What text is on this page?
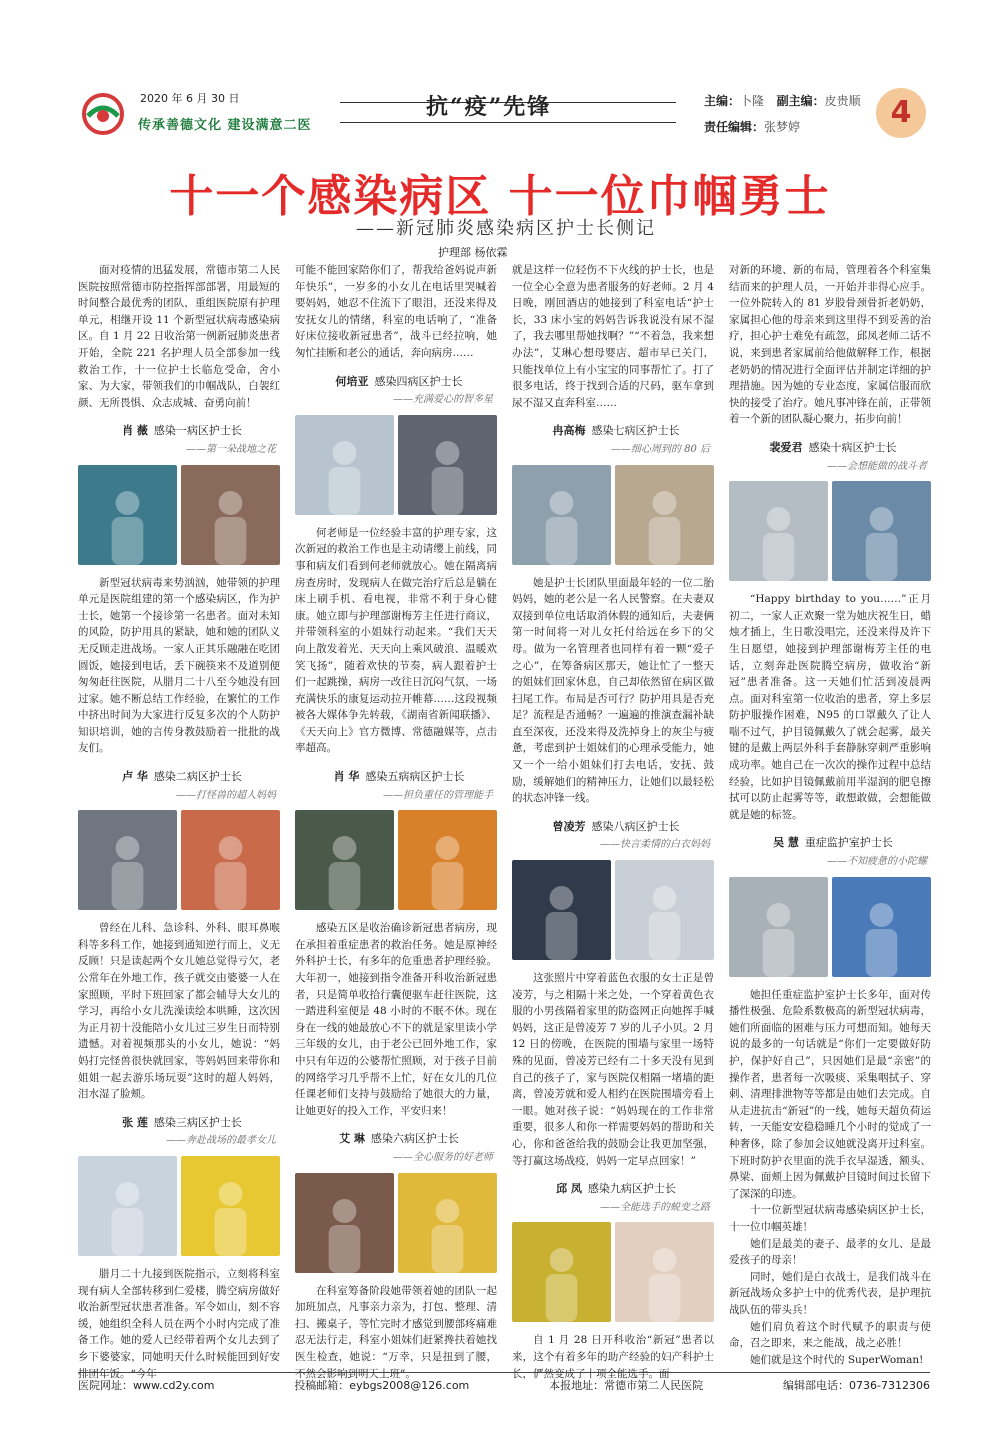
2020 年 6 月 30 日
传承善德文化 建设满意二医
抗“疫”先锋	主编：卜隆 副主编：皮贵顺
责任编辑：张梦婷	4
十一个感染病区 十一位巾帼勇士
——新冠肺炎感染病区护士长侧记
护理部 杨依霖

面对疫情的迅猛发展，常德市第二人民医院按照常德市防控指挥部部署，用最短的时间整合最优秀的团队，重组医院原有护理单元，相继开设 11 个新型冠状病毒感染病区。自 1 月 22 日收治第一例新冠肺炎患者开始，全院 221 名护理人员全部参加一线救治工作，十一位护士长临危受命，舍小家、为大家，带领我们的巾帼战队，白袈红颜、无所畏惧、众志成城、奋勇向前！

肖 薇 感染一病区护士长
——第一朵战地之花

新型冠状病毒来势汹汹，她带领的护理单元是医院组建的第一个感染病区，作为护士长，她第一个接诊第一名患者。面对未知的风险，防护用具的紧缺，她和她的团队义无反顾走进战场。一家人正其乐融融在吃团圆饭，她接到电话，丢下碗筷来不及道别便匆匆赶往医院，从腊月二十八至今她没有回过家。她不断总结工作经验，在繁忙的工作中挤出时间为大家进行反复多次的个人防护知识培训，她的言传身教鼓励着一批批的战友们。

卢 华 感染二病区护士长
——打怪兽的超人妈妈

曾经在儿科、急诊科、外科、眼耳鼻喉科等多科工作，她接到通知逆行而上，义无反顾！只是读起两个女儿她总觉得亏欠，老公常年在外地工作，孩子就交由婆婆一人在家照顾，平时下班回家了都会辅导大女儿的学习，再给小女儿洗澡读绘本哄睡，这次因为正月初十没能陪小女儿过三岁生日而特别遗憾。对着视频那头的小女儿，她说：“妈妈打完怪兽很快就回家，等妈妈回来带你和姐姐一起去游乐场玩耍”这时的超人妈妈，泪水湿了脸颊。

张 莲 感染三病区护士长
——奔赴战场的最孝女儿

腊月二十九接到医院指示，立刻将科室现有病人全部转移到仁爱楼，腾空病房做好收治新型冠状患者准备。军令如山，刻不容缓，她组织全科人员在两个小时内完成了准备工作。她的爱人已经带着两个女儿去到了乡下婆婆家，同她明天什么时候能回到好安排团年饭。“今年

可能不能回家陪你们了，帮我给爸妈说声新年快乐”，一岁多的小女儿在电话里哭喊着要妈妈，她忍不住流下了眼泪，还没来得及安抚女儿的情绪，科室的电话响了，“准备好床位接收新冠患者”，战斗已经拉响，她匆忙挂断和老公的通话，奔向病房……

何培亚 感染四病区护士长
——充满爱心的智多星

何老师是一位经验丰富的护理专家，这次新冠的救治工作也是主动请缨上前线，同事和病友们看到何老师就放心。她在隔离病房查房时，发现病人在做完治疗后总是躺在床上刷手机、看电视，非常不利于身心健康。她立即与护理部谢梅芳主任进行商议，并带领科室的小姐妹行动起来。“我们天天向上散发着光、天天向上乘风破浪、温暖欢笑飞扬”，随着欢快的节奏，病人跟着护士们一起跳操，病房一改往日沉闷气氛，一场充满快乐的康复运动拉开帷幕……这段视频被各大媒体争先转载，《湖南省新闻联播》、《天天向上》官方微博、常德融媒等，点击率超高。

肖 华 感染五病病区护士长
——担负重任的管理能手

感染五区是收治确诊新冠患者病房，现在承担着重症患者的救治任务。她是原神经外科护士长，有多年的危重患者护理经验。大年初一，她接到指令准备开科收治新冠患者，只是简单收拾行囊便驱车赶往医院，这一踏进科室便是 48 小时的不眠不休。现在身在一线的她最放心不下的就是家里读小学三年级的女儿，由于老公已回外地工作，家中只有年迈的公婆帮忙照顾，对于孩子目前的网络学习几乎帮不上忙，好在女儿的几位任课老师们支持与鼓励给了她很大的力量，让她更好的投入工作，平安归来！

艾 琳 感染六病区护士长
——全心服务的好老师

在科室筹备阶段她带领着她的团队一起加班加点，凡事亲力亲为，打包、整理、清扫、搬桌子，等忙完时才感觉到腰部疼痛难忍无法行走，科室小姐妹们赶紧搀扶着她找医生检查，她说：“万幸，只是扭到了腰，不然会影响到明天上班”。

就是这样一位轻伤不下火线的护士长，也是一位全心全意为患者服务的好老师。2 月 4 日晚，刚回酒店的她接到了科室电话“护士长，33 床小宝的妈妈告诉我说没有尿不湿了，我去哪里帮她找啊？”“不着急，我来想办法”，艾琳心想母婴店、超市早已关门，只能找单位上有小宝宝的同事帮忙了。打了很多电话，终于找到合适的尺码，驱车拿到尿不湿又直奔科室……

冉高梅 感染七病区护士长
——细心周到的 80 后

她是护士长团队里面最年轻的一位二胎妈妈，她的老公是一名人民警察。在夫妻双双接到单位电话取消休假的通知后，夫妻俩第一时间将一对儿女托付给远在乡下的父母。做为一名管理者也同样有着一颗“爱子之心”，在筹备病区那天，她让忙了一整天的姐妹们回家休息，自己却依然留在病区做扫尾工作。布局是否可行？防护用具是否充足？流程是否通畅？一遍遍的推演查漏补缺直至深夜，还没来得及洗掉身上的灰尘与疲惫，考虑到护士姐妹们的心理承受能力，她又一个一给小姐妹们打去电话，安抚、鼓励，缓解她们的精神压力，让她们以最轻松的状态冲锋一线。

曾凌芳 感染八病区护士长
——快言柔情的白衣妈妈

这张照片中穿着蓝色衣服的女士正是曾凌芳，与之相隔十米之处，一个穿着黄色衣服的小男孩隔着家里的防盗网正向她挥手喊妈妈，这正是曾凌芳 7 岁的儿子小贝。2 月 12 日的傍晚，在医院的围墙与家里一场特殊的见面，曾凌芳已经有二十多天没有见到自己的孩子了，家与医院仅相隔一堵墙的距离，曾凌芳就和爱人相约在医院围墙旁看上一眼。她对孩子说：“妈妈现在的工作非常重要，很多人和你一样需要妈妈的帮助和关心，你和爸爸给我的鼓励会让我更加坚强，等打赢这场战疫，妈妈一定早点回家！”

邱 凤 感染九病区护士长
——全能选手的蜕变之路

自 1 月 28 日开科收治“新冠”患者以来，这个有着多年的助产经验的妇产科护士长，俨然变成了十项全能选手。面

对新的环境、新的布局，管理着各个科室集结而来的护理人员，一开始并非得心应手。一位外院转入的 81 岁股骨颈骨折老奶奶，家属担心他的母亲来到这里得不到妥善的治疗，担心护士难免有疏忽，邱凤老师二话不说，来到患者家属前给他做解释工作，根据老奶奶的情况进行全面评估并制定详细的护理措施。因为她的专业态度，家属信服而欣快的接受了治疗。她凡事冲锋在前，正带领着一个新的团队凝心聚力，拓步向前！

裴爱君 感染十病区护士长
——会想能做的战斗者

“Happy birthday to you……”正月初二，一家人正欢聚一堂为她庆祝生日，蜡烛才插上，生日歌没唱完，还没来得及许下生日愿望，她接到护理部谢梅芳主任的电话，立刻奔赴医院腾空病房，做收治“新冠”患者准备。这一天她们忙活到凌晨两点。面对科室第一位收治的患者，穿上多层防护服操作困难，N95 的口罩戴久了让人喘不过气，护目镜佩戴久了就会起雾，最关键的是戴上两层外科手套静脉穿刺严重影响成功率。她自己在一次次的操作过程中总结经验，比如护目镜佩戴前用半湿润的肥皂擦拭可以防止起雾等等，敢想敢做，会想能做就是她的标签。

吴 慧 重症监护室护士长
——不知疲惫的小陀螺

她担任重症监护室护士长多年，面对传播性极强、危险系数极高的新型冠状病毒，她们所面临的困难与压力可想而知。她每天说的最多的一句话就是“你们一定要做好防护，保护好自己”，只因她们是最“亲密”的操作者，患者每一次吸痰、采集咽拭子、穿刺、清理排泄物等等都是由她们去完成。自从走进抗击“新冠”的一线，她每天超负荷运转，一天能安安稳稳睡几个小时的觉成了一种奢侈，除了参加会议她就没离开过科室。下班时防护衣里面的洗手衣早湿透，额头、鼻梁、面颊上因为佩戴护目镜时间过长留下了深深的印迹。

十一位新型冠状病毒感染病区护士长，十一位巾帼英雄！

她们是最美的妻子、最孝的女儿、是最爱孩子的母亲！

同时，她们是白衣战士，是我们战斗在新冠战场众多护士中的优秀代表，是护理抗战队伍的带头兵！

她们肩负着这个时代赋予的职责与使命，召之即来，来之能战，战之必胜！

她们就是这个时代的 SuperWoman!

医院网址：www.cd2y.com	投稿邮箱：eybgs2008@126.com	本报地址：常德市第二人民医院	编辑部电话：0736-7312306
